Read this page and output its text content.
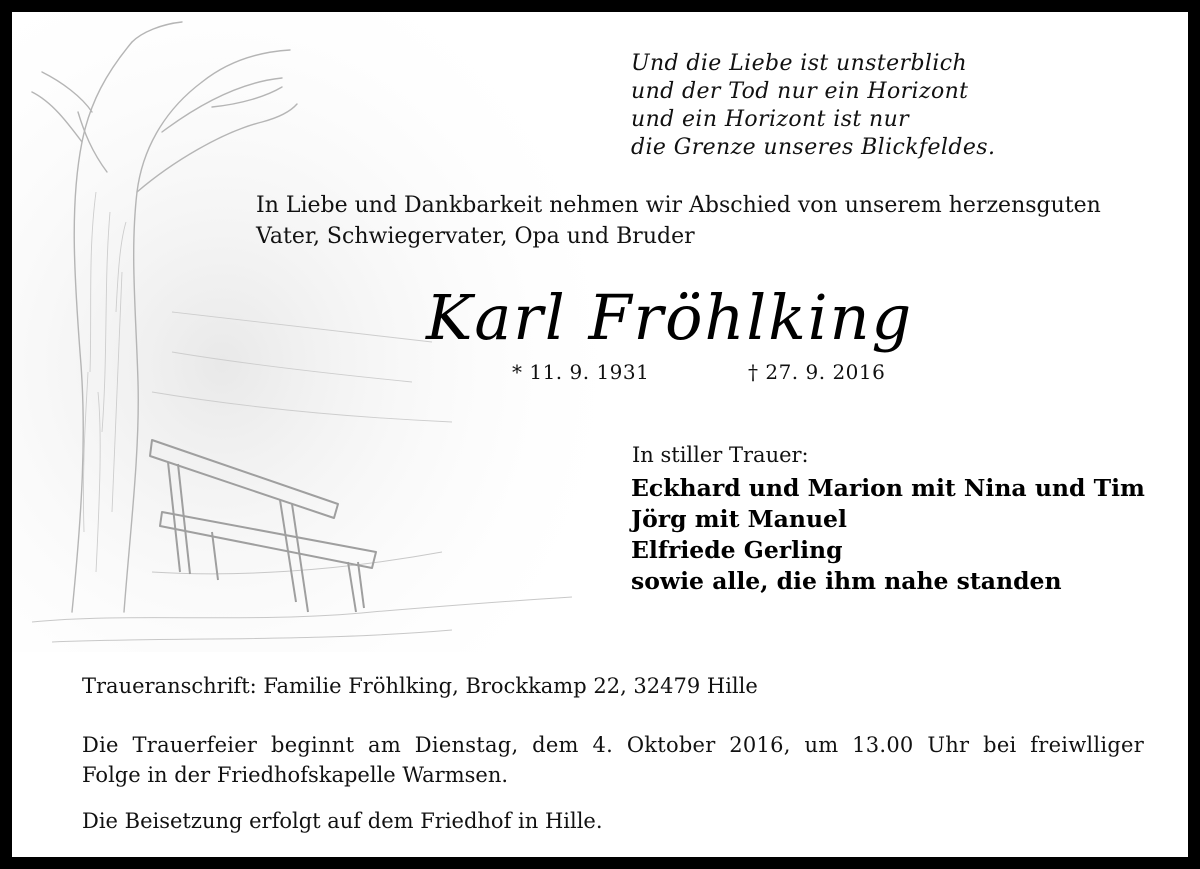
Und die Liebe ist unsterblich
und der Tod nur ein Horizont
und ein Horizont ist nur
die Grenze unseres Blickfeldes.
In Liebe und Dankbarkeit nehmen wir Abschied von unserem herzensguten
Vater, Schwiegervater, Opa und Bruder
Karl Fröhlking
* 11. 9. 1931	† 27. 9. 2016
In stiller Trauer:
Eckhard und Marion mit Nina und Tim
Jörg mit Manuel
Elfriede Gerling
sowie alle, die ihm nahe standen
Traueranschrift: Familie Fröhlking, Brockkamp 22, 32479 Hille
Die Trauerfeier beginnt am Dienstag, dem 4. Oktober 2016, um 13.00 Uhr bei freiwlliger
Folge in der Friedhofskapelle Warmsen.
Die Beisetzung erfolgt auf dem Friedhof in Hille.
